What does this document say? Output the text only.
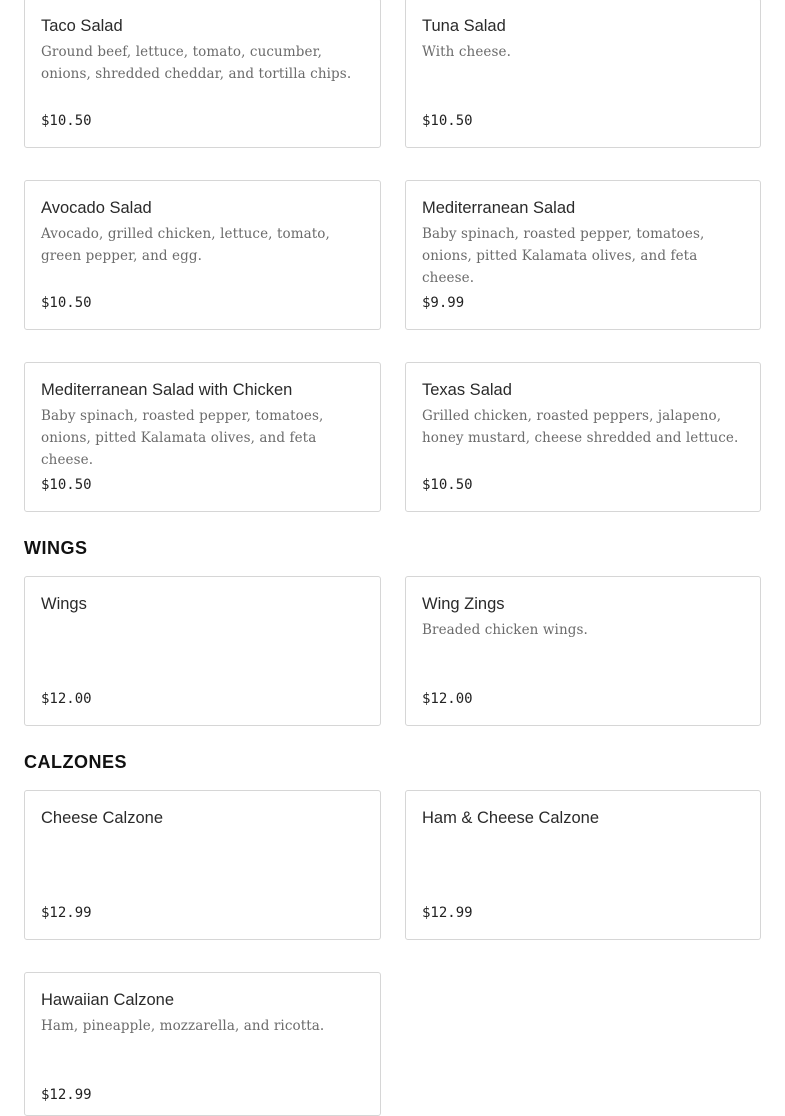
Taco Salad
Ground beef, lettuce, tomato, cucumber, onions, shredded cheddar, and tortilla chips.
$10.50
Tuna Salad
With cheese.
$10.50
Avocado Salad
Avocado, grilled chicken, lettuce, tomato, green pepper, and egg.
$10.50
Mediterranean Salad
Baby spinach, roasted pepper, tomatoes, onions, pitted Kalamata olives, and feta cheese.
$9.99
Mediterranean Salad with Chicken
Baby spinach, roasted pepper, tomatoes, onions, pitted Kalamata olives, and feta cheese.
$10.50
Texas Salad
Grilled chicken, roasted peppers, jalapeno, honey mustard, cheese shredded and lettuce.
$10.50
WINGS
Wings
$12.00
Wing Zings
Breaded chicken wings.
$12.00
CALZONES
Cheese Calzone
$12.99
Ham & Cheese Calzone
$12.99
Hawaiian Calzone
Ham, pineapple, mozzarella, and ricotta.
$12.99
